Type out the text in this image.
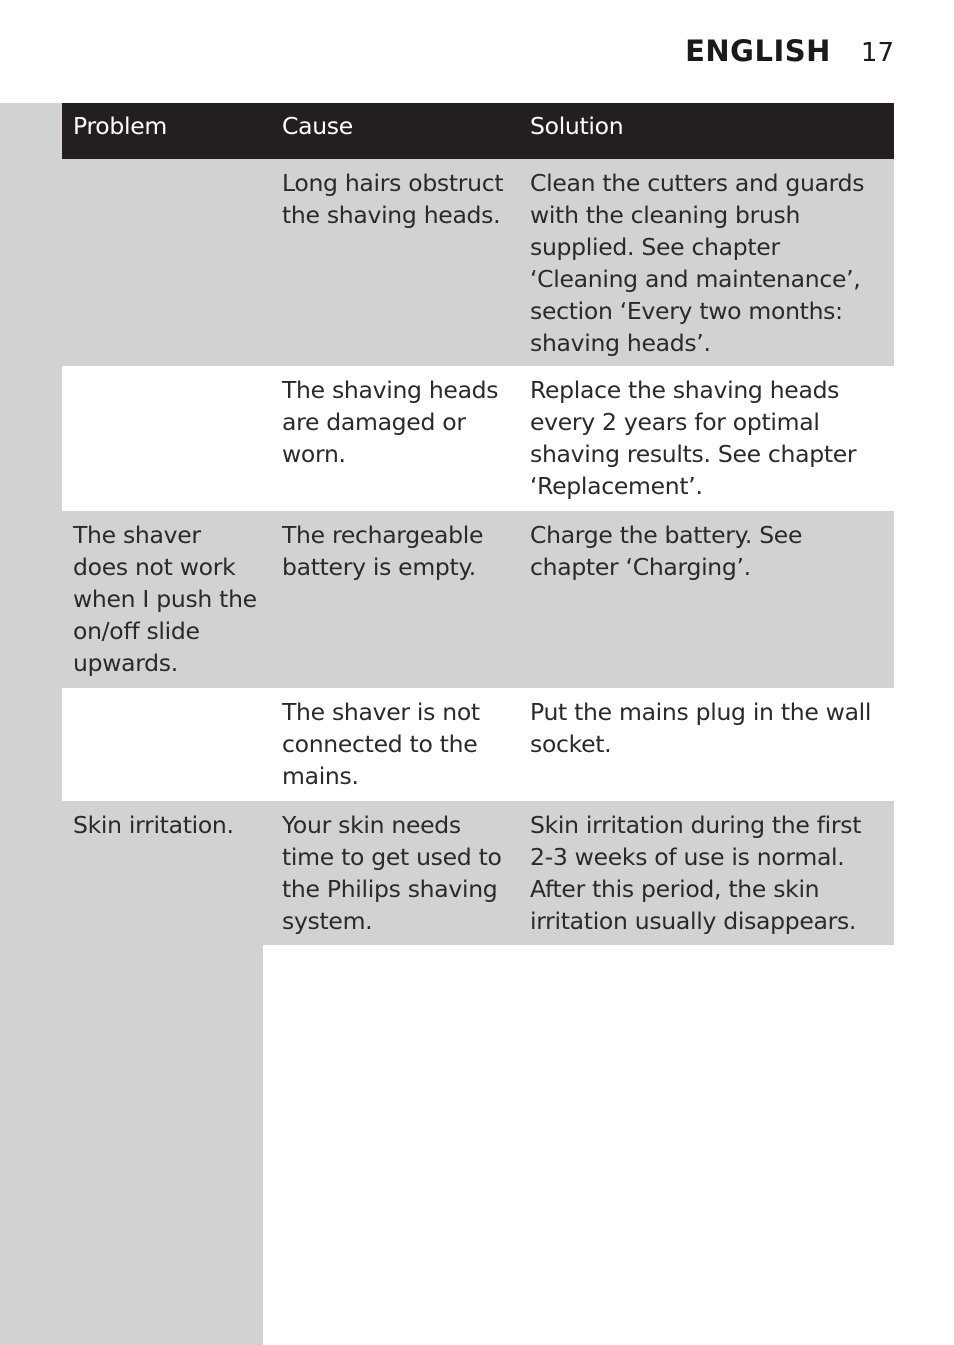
ENGLISH 17
Problem	Cause	Solution
	Long hairs obstruct the shaving heads.	Clean the cutters and guards with the cleaning brush supplied. See chapter ‘Cleaning and maintenance’, section ‘Every two months: shaving heads’.
	The shaving heads are damaged or worn.	Replace the shaving heads every 2 years for optimal shaving results. See chapter ‘Replacement’.
The shaver does not work when I push the on/off slide upwards.	The rechargeable battery is empty.	Charge the battery. See chapter ‘Charging’.
	The shaver is not connected to the mains.	Put the mains plug in the wall socket.
Skin irritation.	Your skin needs time to get used to the Philips shaving system.	Skin irritation during the first 2-3 weeks of use is normal. After this period, the skin irritation usually disappears.
